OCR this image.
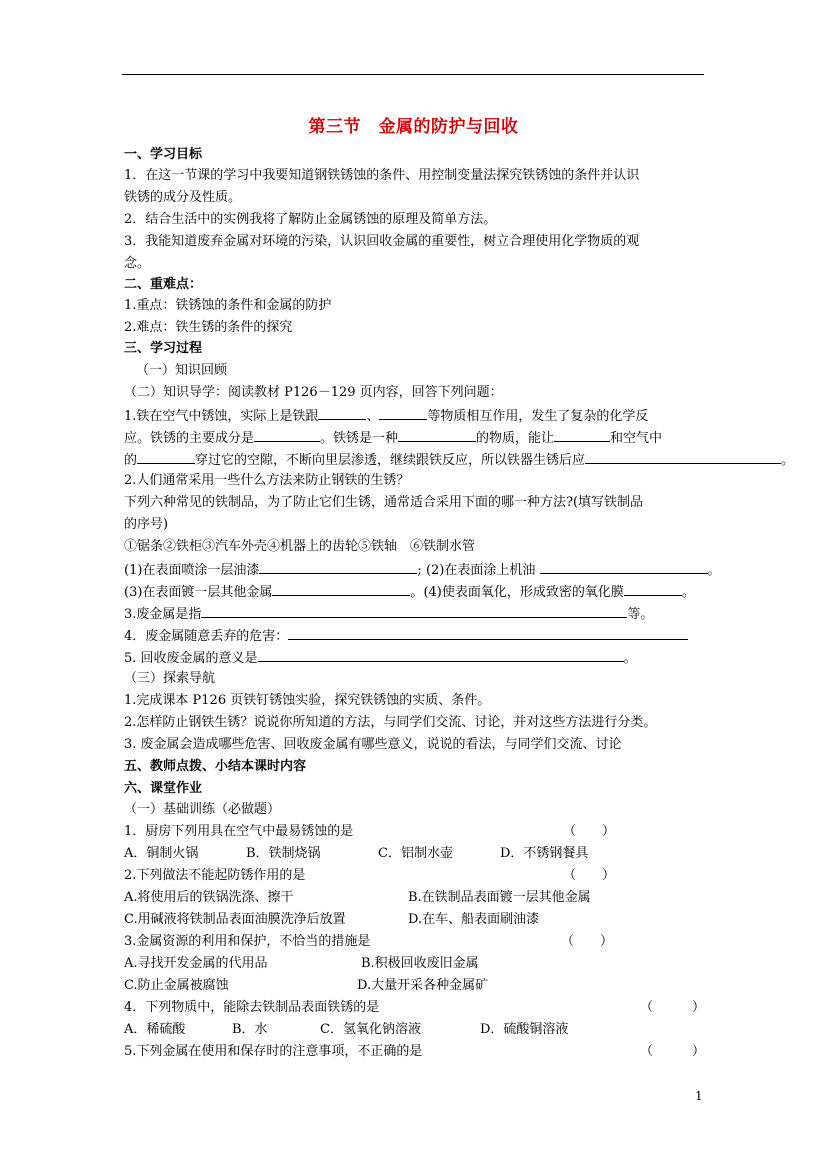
第三节　金属的防护与回收
一、学习目标
1．在这一节课的学习中我要知道钢铁锈蚀的条件、用控制变量法探究铁锈蚀的条件并认识
铁锈的成分及性质。
2．结合生活中的实例我将了解防止金属锈蚀的原理及简单方法。
3．我能知道废弃金属对环境的污染，认识回收金属的重要性，树立合理使用化学物质的观
念。
二、重难点：
1.重点：铁锈蚀的条件和金属的防护
2.难点：铁生锈的条件的探究
三、学习过程
（一）知识回顾
（二）知识导学：阅读教材 P126－129 页内容，回答下列问题：
1.铁在空气中锈蚀，实际上是铁跟	、	等物质相互作用，发生了复杂的化学反
应。铁锈的主要成分是	。铁锈是一种	的物质，能让	和空气中
的	穿过它的空隙，不断向里层渗透，继续跟铁反应，所以铁器生锈后应	。
2.人们通常采用一些什么方法来防止钢铁的生锈？
下列六种常见的铁制品，为了防止它们生锈，通常适合采用下面的哪一种方法?(填写铁制品
的序号)
①锯条②铁柜③汽车外壳④机器上的齿轮⑤铁轴　⑥铁制水管
(1)在表面喷涂一层油漆	; (2)在表面涂上机油	。
(3)在表面镀一层其他金属	。(4)使表面氧化，形成致密的氧化膜	。
3.废金属是指	等。
4．废金属随意丢弃的危害：
5. 回收废金属的意义是	。
（三）探索导航
1.完成课本 P126 页铁钉锈蚀实验，探究铁锈蚀的实质、条件。
2.怎样防止钢铁生锈？说说你所知道的方法，与同学们交流、讨论，并对这些方法进行分类。
3. 废金属会造成哪些危害、回收废金属有哪些意义，说说的看法，与同学们交流、讨论
五、教师点拨、小结本课时内容
六、课堂作业
（一）基础训练（必做题）
1．厨房下列用具在空气中最易锈蚀的是	（　　）
A．铜制火锅	B．铁制烧锅	C．铝制水壶	D．不锈钢餐具
2.下列做法不能起防锈作用的是	（　　）
A.将使用后的铁锅洗涤、擦干	B.在铁制品表面镀一层其他金属
C.用碱液将铁制品表面油膜洗净后放置	D.在车、船表面刷油漆
3.金属资源的利用和保护，不恰当的措施是	（　　）
A.寻找开发金属的代用品	B.积极回收废旧金属
C.防止金属被腐蚀	D.大量开采各种金属矿
4．下列物质中，能除去铁制品表面铁锈的是	（　　　）
A．稀硫酸	B．水	C．氢氧化钠溶液	D．硫酸铜溶液
5.下列金属在使用和保存时的注意事项，不正确的是	（　　　）
1
